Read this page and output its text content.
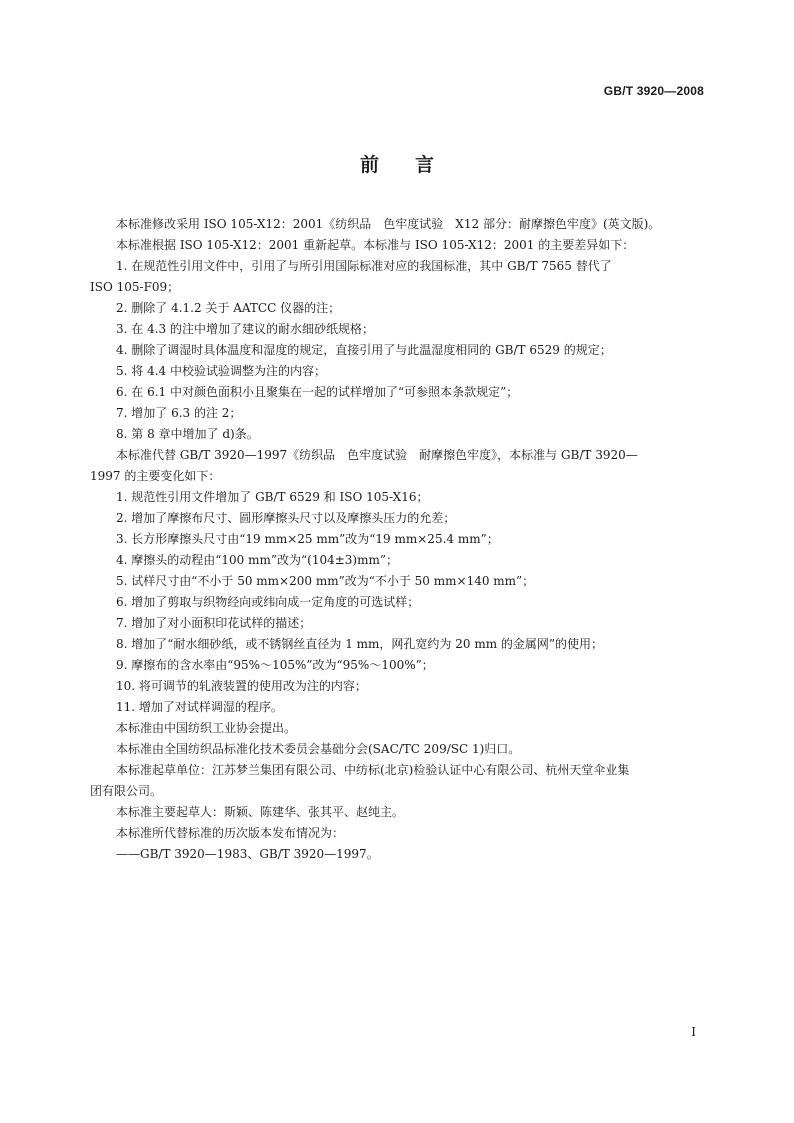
GB/T 3920—2008
前 言
本标准修改采用 ISO 105-X12：2001《纺织品　色牢度试验　X12 部分：耐摩擦色牢度》(英文版)。
本标准根据 ISO 105-X12：2001 重新起草。本标准与 ISO 105-X12：2001 的主要差异如下：
1. 在规范性引用文件中，引用了与所引用国际标准对应的我国标准，其中 GB/T 7565 替代了
ISO 105-F09；
2. 删除了 4.1.2 关于 AATCC 仪器的注；
3. 在 4.3 的注中增加了建议的耐水细砂纸规格；
4. 删除了调湿时具体温度和湿度的规定，直接引用了与此温湿度相同的 GB/T 6529 的规定；
5. 将 4.4 中校验试验调整为注的内容；
6. 在 6.1 中对颜色面积小且聚集在一起的试样增加了“可参照本条款规定”；
7. 增加了 6.3 的注 2；
8. 第 8 章中增加了 d)条。
本标准代替 GB/T 3920—1997《纺织品　色牢度试验　耐摩擦色牢度》，本标准与 GB/T 3920—
1997 的主要变化如下：
1. 规范性引用文件增加了 GB/T 6529 和 ISO 105-X16；
2. 增加了摩擦布尺寸、圆形摩擦头尺寸以及摩擦头压力的允差；
3. 长方形摩擦头尺寸由“19 mm×25 mm”改为“19 mm×25.4 mm”；
4. 摩擦头的动程由“100 mm”改为“(104±3)mm”；
5. 试样尺寸由“不小于 50 mm×200 mm”改为“不小于 50 mm×140 mm”；
6. 增加了剪取与织物经向或纬向成一定角度的可选试样；
7. 增加了对小面积印花试样的描述；
8. 增加了“耐水细砂纸，或不锈钢丝直径为 1 mm，网孔宽约为 20 mm 的金属网”的使用；
9. 摩擦布的含水率由“95%～105%”改为“95%～100%”；
10. 将可调节的轧液装置的使用改为注的内容；
11. 增加了对试样调湿的程序。
本标准由中国纺织工业协会提出。
本标准由全国纺织品标准化技术委员会基础分会(SAC/TC 209/SC 1)归口。
本标准起草单位：江苏梦兰集团有限公司、中纺标(北京)检验认证中心有限公司、杭州天堂伞业集
团有限公司。
本标准主要起草人：斯颖、陈建华、张其平、赵纯主。
本标准所代替标准的历次版本发布情况为：
——GB/T 3920—1983、GB/T 3920—1997。
I
